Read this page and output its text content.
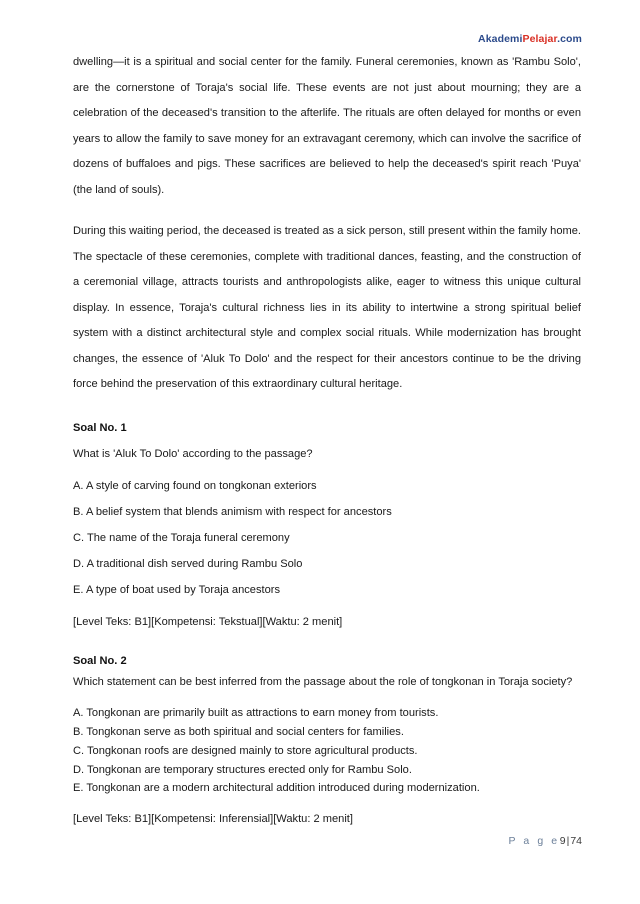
AkademiPelajar.com

dwelling—it is a spiritual and social center for the family. Funeral ceremonies, known as 'Rambu Solo', are the cornerstone of Toraja's social life. These events are not just about mourning; they are a celebration of the deceased's transition to the afterlife. The rituals are often delayed for months or even years to allow the family to save money for an extravagant ceremony, which can involve the sacrifice of dozens of buffaloes and pigs. These sacrifices are believed to help the deceased's spirit reach 'Puya' (the land of souls).

During this waiting period, the deceased is treated as a sick person, still present within the family home. The spectacle of these ceremonies, complete with traditional dances, feasting, and the construction of a ceremonial village, attracts tourists and anthropologists alike, eager to witness this unique cultural display. In essence, Toraja's cultural richness lies in its ability to intertwine a strong spiritual belief system with a distinct architectural style and complex social rituals. While modernization has brought changes, the essence of 'Aluk To Dolo' and the respect for their ancestors continue to be the driving force behind the preservation of this extraordinary cultural heritage.

Soal No. 1

What is 'Aluk To Dolo' according to the passage?

A. A style of carving found on tongkonan exteriors
B. A belief system that blends animism with respect for ancestors
C. The name of the Toraja funeral ceremony
D. A traditional dish served during Rambu Solo
E. A type of boat used by Toraja ancestors

[Level Teks: B1][Kompetensi: Tekstual][Waktu: 2 menit]

Soal No. 2

Which statement can be best inferred from the passage about the role of tongkonan in Toraja society?

A. Tongkonan are primarily built as attractions to earn money from tourists.
B. Tongkonan serve as both spiritual and social centers for families.
C. Tongkonan roofs are designed mainly to store agricultural products.
D. Tongkonan are temporary structures erected only for Rambu Solo.
E. Tongkonan are a modern architectural addition introduced during modernization.

[Level Teks: B1][Kompetensi: Inferensial][Waktu: 2 menit]

P a g e9|74
